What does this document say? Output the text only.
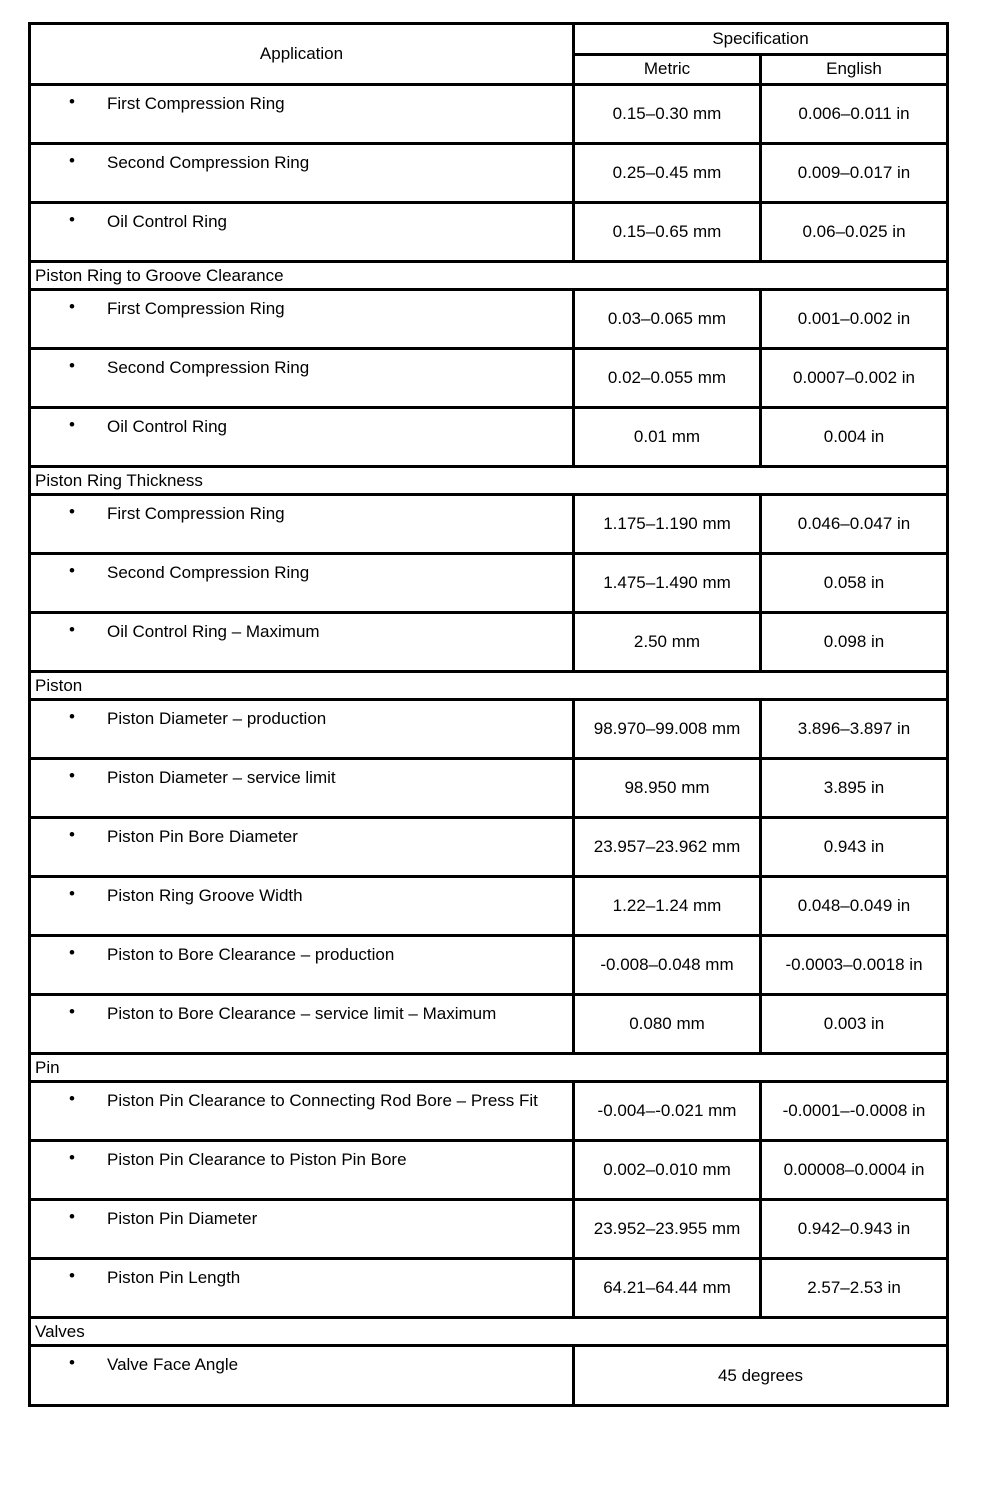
Application	Specification	
	Metric	English

• First Compression Ring	0.15–0.30 mm	0.006–0.011 in

• Second Compression Ring	0.25–0.45 mm	0.009–0.017 in

• Oil Control Ring	0.15–0.65 mm	0.06–0.025 in
Piston Ring to Groove Clearance		

• First Compression Ring	0.03–0.065 mm	0.001–0.002 in

• Second Compression Ring	0.02–0.055 mm	0.0007–0.002 in

• Oil Control Ring	0.01 mm	0.004 in
Piston Ring Thickness		

• First Compression Ring	1.175–1.190 mm	0.046–0.047 in

• Second Compression Ring	1.475–1.490 mm	0.058 in

• Oil Control Ring – Maximum	2.50 mm	0.098 in
Piston		

• Piston Diameter – production	98.970–99.008 mm	3.896–3.897 in

• Piston Diameter – service limit	98.950 mm	3.895 in

• Piston Pin Bore Diameter	23.957–23.962 mm	0.943 in

• Piston Ring Groove Width	1.22–1.24 mm	0.048–0.049 in

• Piston to Bore Clearance – production	-0.008–0.048 mm	-0.0003–0.0018 in

• Piston to Bore Clearance – service limit – Maximum	0.080 mm	0.003 in
Pin		

• Piston Pin Clearance to Connecting Rod Bore – Press Fit	-0.004–-0.021 mm	-0.0001–-0.0008 in

• Piston Pin Clearance to Piston Pin Bore	0.002–0.010 mm	0.00008–0.0004 in

• Piston Pin Diameter	23.952–23.955 mm	0.942–0.943 in

• Piston Pin Length	64.21–64.44 mm	2.57–2.53 in
Valves		

• Valve Face Angle	45 degrees	
